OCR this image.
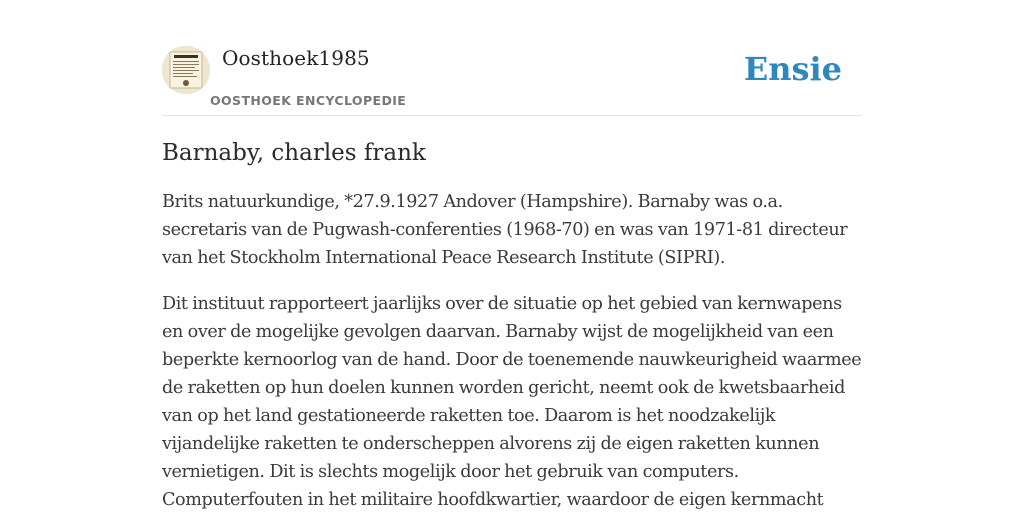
Oosthoek1985
OOSTHOEK ENCYCLOPEDIE
Ensie
Barnaby, charles frank

Brits natuurkundige, *27.9.1927 Andover (Hampshire). Barnaby was o.a. secretaris van de Pugwash-conferenties (1968-70) en was van 1971-81 directeur van het Stockholm International Peace Research Institute (SIPRI).

Dit instituut rapporteert jaarlijks over de situatie op het gebied van kernwapens en over de mogelijke gevolgen daarvan. Barnaby wijst de mogelijkheid van een beperkte kernoorlog van de hand. Door de toenemende nauwkeurigheid waarmee de raketten op hun doelen kunnen worden gericht, neemt ook de kwetsbaarheid van op het land gestationeerde raketten toe. Daarom is het noodzakelijk vijandelijke raketten te onderscheppen alvorens zij de eigen raketten kunnen vernietigen. Dit is slechts mogelijk door het gebruik van computers. Computerfouten in het militaire hoofdkwartier, waardoor de eigen kernmacht
